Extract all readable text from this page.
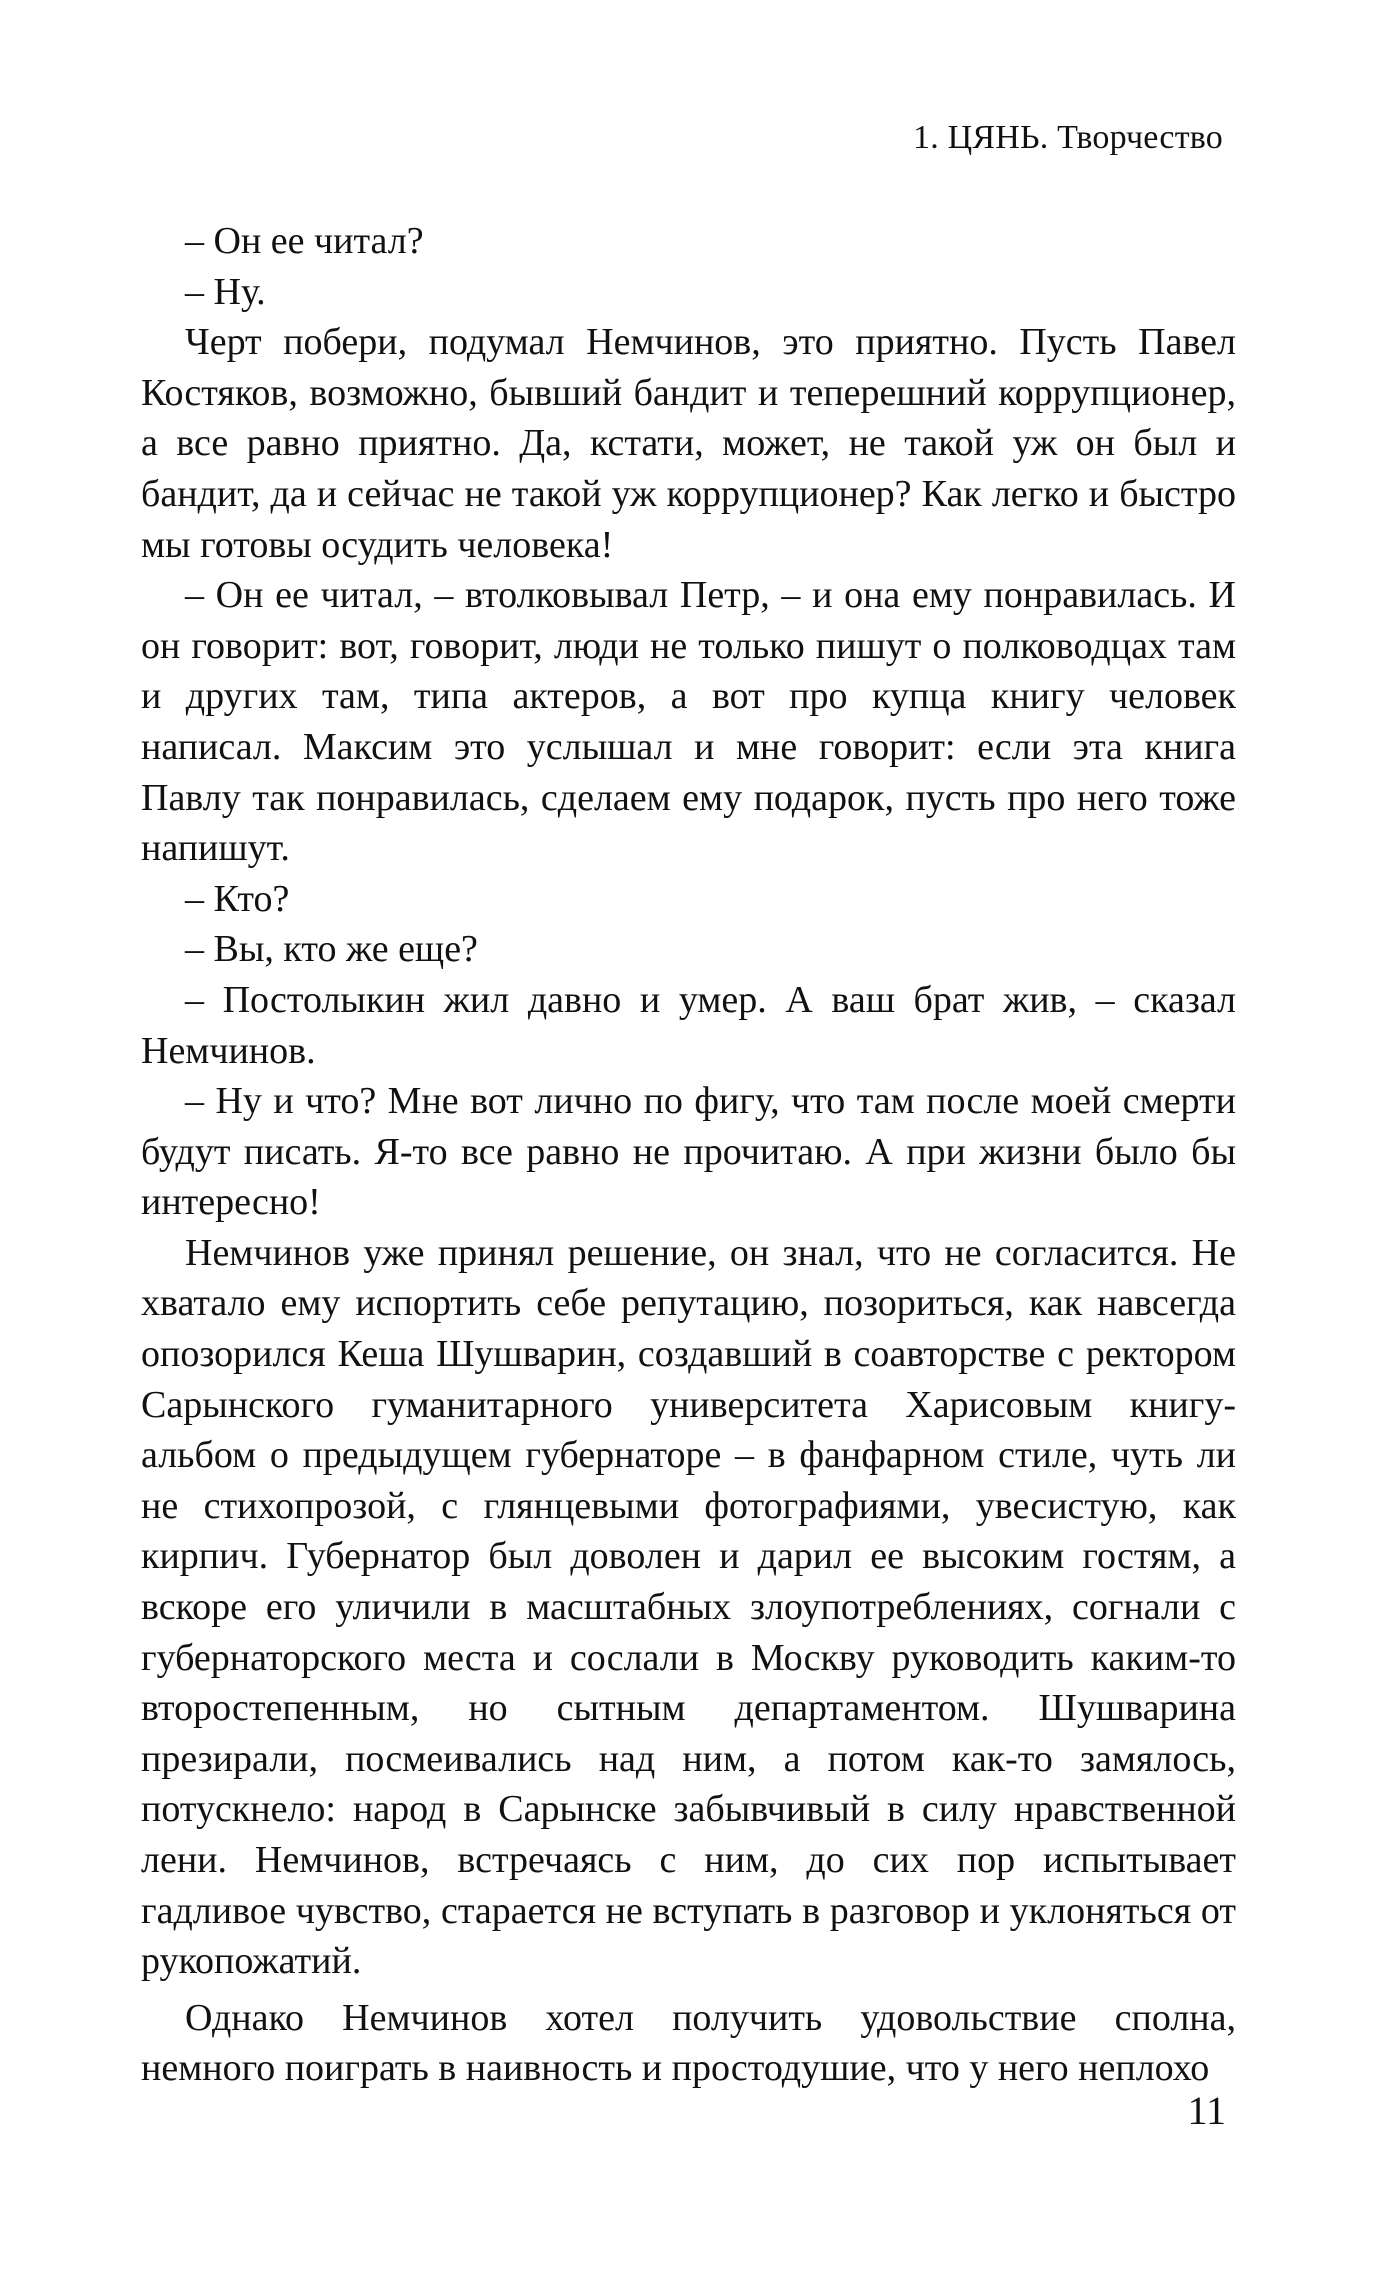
1. ЦЯНЬ. Творчество

– Он ее читал?

– Ну.

Черт побери, подумал Немчинов, это приятно. Пусть Павел Костяков, возможно, бывший бандит и теперешний коррупционер, а все равно приятно. Да, кстати, может, не такой уж он был и бандит, да и сейчас не такой уж коррупционер? Как легко и быстро мы готовы осудить человека!

– Он ее читал, – втолковывал Петр, – и она ему понравилась. И он говорит: вот, говорит, люди не только пишут о полководцах там и других там, типа актеров, а вот про купца книгу человек написал. Максим это услышал и мне говорит: если эта книга Павлу так понравилась, сделаем ему подарок, пусть про него тоже напишут.

– Кто?

– Вы, кто же еще?

– Постолыкин жил давно и умер. А ваш брат жив, – сказал Немчинов.

– Ну и что? Мне вот лично по фигу, что там после моей смерти будут писать. Я-то все равно не прочитаю. А при жизни было бы интересно!

Немчинов уже принял решение, он знал, что не согласится. Не хватало ему испортить себе репутацию, позориться, как навсегда опозорился Кеша Шушварин, создавший в соавторстве с ректором Сарынского гуманитарного университета Харисовым книгу-альбом о предыдущем губернаторе – в фанфарном стиле, чуть ли не стихопрозой, с глянцевыми фотографиями, увесистую, как кирпич. Губернатор был доволен и дарил ее высоким гостям, а вскоре его уличили в масштабных злоупотреблениях, согнали с губернаторского места и сослали в Москву руководить каким-то второстепенным, но сытным департаментом. Шушварина презирали, посмеивались над ним, а потом как-то замялось, потускнело: народ в Сарынске забывчивый в силу нравственной лени. Немчинов, встречаясь с ним, до сих пор испытывает гадливое чувство, старается не вступать в разговор и уклоняться от рукопожатий.

Однако Немчинов хотел получить удовольствие сполна, немного поиграть в наивность и простодушие, что у него неплохо

11
